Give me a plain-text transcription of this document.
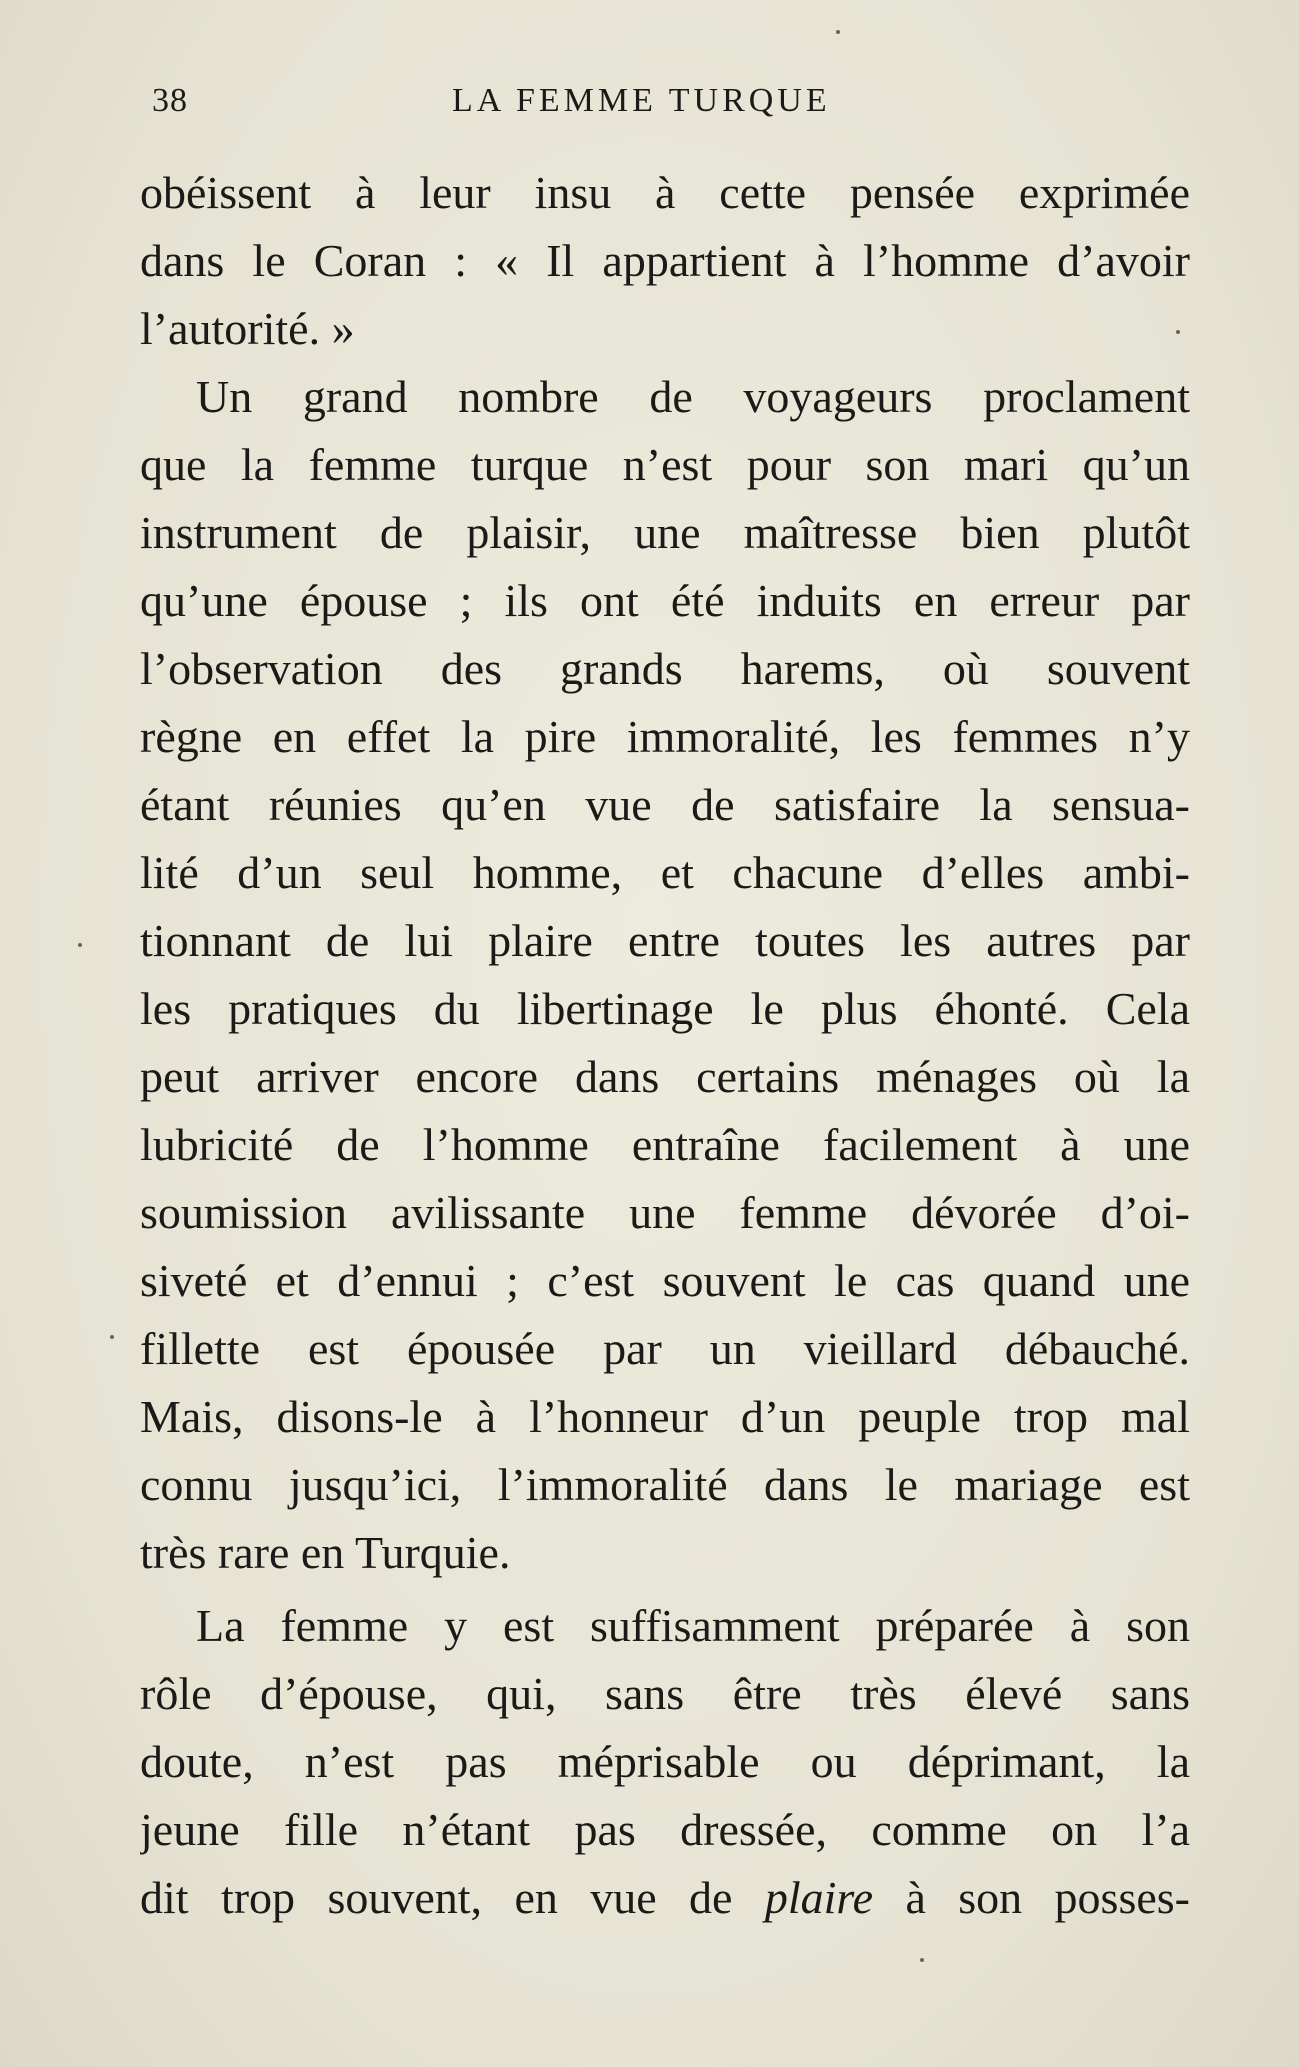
38	LA FEMME TURQUE
obéissent à leur insu à cette pensée exprimée
dans le Coran : « Il appartient à l’homme d’avoir
l’autorité. »
Un grand nombre de voyageurs proclament
que la femme turque n’est pour son mari qu’un
instrument de plaisir, une maîtresse bien plutôt
qu’une épouse ; ils ont été induits en erreur par
l’observation des grands harems, où souvent
règne en effet la pire immoralité, les femmes n’y
étant réunies qu’en vue de satisfaire la sensua-
lité d’un seul homme, et chacune d’elles ambi-
tionnant de lui plaire entre toutes les autres par
les pratiques du libertinage le plus éhonté. Cela
peut arriver encore dans certains ménages où la
lubricité de l’homme entraîne facilement à une
soumission avilissante une femme dévorée d’oi-
siveté et d’ennui ; c’est souvent le cas quand une
fillette est épousée par un vieillard débauché.
Mais, disons-le à l’honneur d’un peuple trop mal
connu jusqu’ici, l’immoralité dans le mariage est
très rare en Turquie.
La femme y est suffisamment préparée à son
rôle d’épouse, qui, sans être très élevé sans
doute, n’est pas méprisable ou déprimant, la
jeune fille n’étant pas dressée, comme on l’a
dit trop souvent, en vue de plaire à son posses-
